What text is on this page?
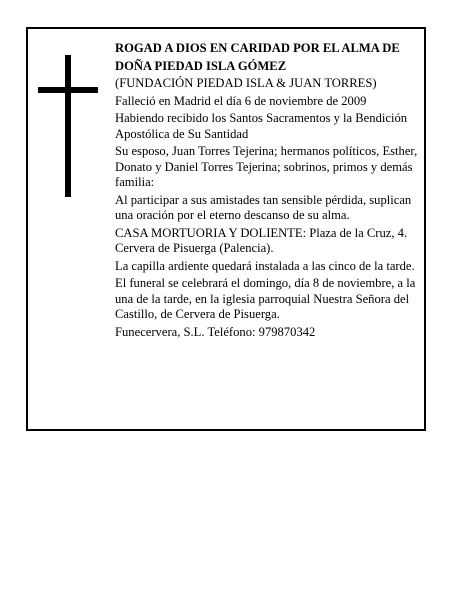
ROGAD A DIOS EN CARIDAD POR EL ALMA DE

DOÑA PIEDAD ISLA GÓMEZ

(FUNDACIÓN PIEDAD ISLA & JUAN TORRES)

Falleció en Madrid el día 6 de noviembre de 2009

Habiendo recibido los Santos Sacramentos y la Bendición Apostólica de Su Santidad

Su esposo, Juan Torres Tejerina; hermanos políticos, Esther, Donato y Daniel Torres Tejerina; sobrinos, primos y demás familia:

Al participar a sus amistades tan sensible pérdida, suplican una oración por el eterno descanso de su alma.

CASA MORTUORIA Y DOLIENTE: Plaza de la Cruz, 4. Cervera de Pisuerga (Palencia).

La capilla ardiente quedará instalada a las cinco de la tarde.

El funeral se celebrará el domingo, día 8 de noviembre, a la una de la tarde, en la iglesia parroquial Nuestra Señora del Castillo, de Cervera de Pisuerga.

Funecervera, S.L. Teléfono: 979870342
